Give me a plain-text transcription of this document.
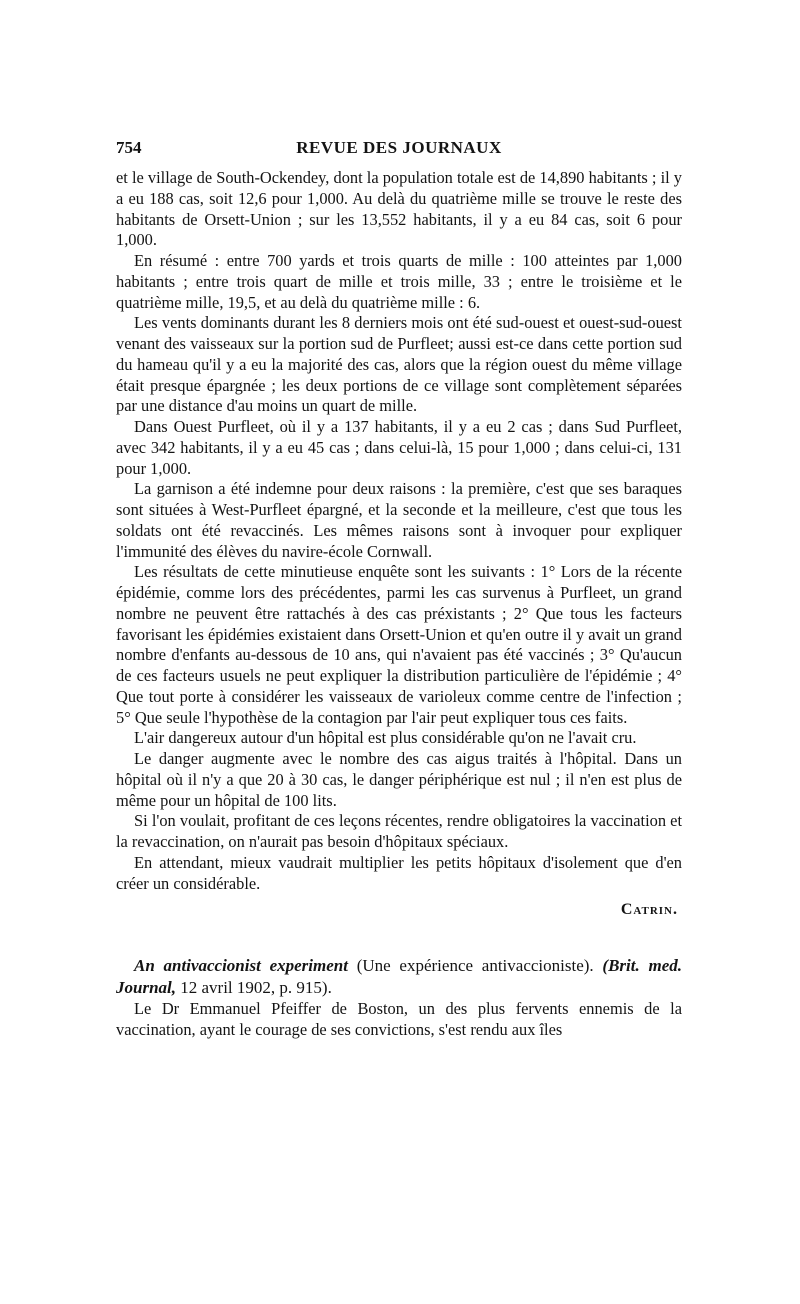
754	REVUE DES JOURNAUX

et le village de South-Ockendey, dont la population totale est de 14,890 habitants ; il y a eu 188 cas, soit 12,6 pour 1,000. Au delà du quatrième mille se trouve le reste des habitants de Orsett-Union ; sur les 13,552 habitants, il y a eu 84 cas, soit 6 pour 1,000.

En résumé : entre 700 yards et trois quarts de mille : 100 atteintes par 1,000 habitants ; entre trois quart de mille et trois mille, 33 ; entre le troisième et le quatrième mille, 19,5, et au delà du quatrième mille : 6.

Les vents dominants durant les 8 derniers mois ont été sud-ouest et ouest-sud-ouest venant des vaisseaux sur la portion sud de Purfleet; aussi est-ce dans cette portion sud du hameau qu'il y a eu la majorité des cas, alors que la région ouest du même village était presque épargnée ; les deux portions de ce village sont complètement séparées par une distance d'au moins un quart de mille.

Dans Ouest Purfleet, où il y a 137 habitants, il y a eu 2 cas ; dans Sud Purfleet, avec 342 habitants, il y a eu 45 cas ; dans celui-là, 15 pour 1,000 ; dans celui-ci, 131 pour 1,000.

La garnison a été indemne pour deux raisons : la première, c'est que ses baraques sont situées à West-Purfleet épargné, et la seconde et la meilleure, c'est que tous les soldats ont été revaccinés. Les mêmes raisons sont à invoquer pour expliquer l'immunité des élèves du navire-école Cornwall.

Les résultats de cette minutieuse enquête sont les suivants : 1° Lors de la récente épidémie, comme lors des précédentes, parmi les cas survenus à Purfleet, un grand nombre ne peuvent être rattachés à des cas préxistants ; 2° Que tous les facteurs favorisant les épidémies existaient dans Orsett-Union et qu'en outre il y avait un grand nombre d'enfants au-dessous de 10 ans, qui n'avaient pas été vaccinés ; 3° Qu'aucun de ces facteurs usuels ne peut expliquer la distribution particulière de l'épidémie ; 4° Que tout porte à considérer les vaisseaux de varioleux comme centre de l'infection ; 5° Que seule l'hypothèse de la contagion par l'air peut expliquer tous ces faits.

L'air dangereux autour d'un hôpital est plus considérable qu'on ne l'avait cru.

Le danger augmente avec le nombre des cas aigus traités à l'hôpital. Dans un hôpital où il n'y a que 20 à 30 cas, le danger périphérique est nul ; il n'en est plus de même pour un hôpital de 100 lits.

Si l'on voulait, profitant de ces leçons récentes, rendre obligatoires la vaccination et la revaccination, on n'aurait pas besoin d'hôpitaux spéciaux.

En attendant, mieux vaudrait multiplier les petits hôpitaux d'isolement que d'en créer un considérable.

Catrin.
An antivaccionist experiment (Une expérience antivaccioniste). (Brit. med. Journal, 12 avril 1902, p. 915).

Le Dr Emmanuel Pfeiffer de Boston, un des plus fervents ennemis de la vaccination, ayant le courage de ses convictions, s'est rendu aux îles
